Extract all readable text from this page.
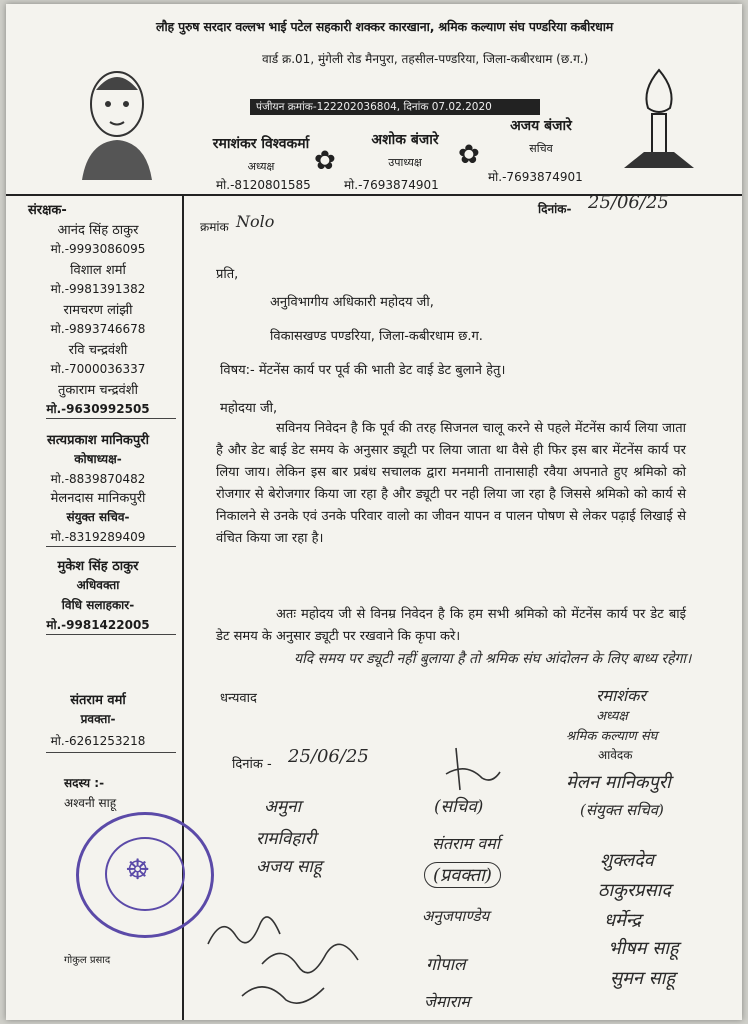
लौह पुरुष सरदार वल्लभ भाई पटेल सहकारी शक्कर कारखाना, श्रमिक कल्याण संघ पण्डरिया कबीरधाम
वार्ड क्र.01, मुंगेली रोड मैनपुरा, तहसील-पण्डरिया, जिला-कबीरधाम (छ.ग.)
पंजीयन क्रमांक-122202036804, दिनांक 07.02.2020
रमाशंकर विश्वकर्मा
अध्यक्ष
मो.-8120801585
✿
अशोक बंजारे
उपाध्यक्ष
मो.-7693874901
✿
अजय बंजारे
सचिव
मो.-7693874901
संरक्षक-
आनंद सिंह ठाकुर
मो.-9993086095
विशाल शर्मा
मो.-9981391382
रामचरण लांझी
मो.-9893746678
रवि चन्द्रवंशी
मो.-7000036337
तुकाराम चन्द्रवंशी
मो.-9630992505
सत्यप्रकाश मानिकपुरी
कोषाध्यक्ष-
मो.-8839870482
मेलनदास मानिकपुरी
संयुक्त सचिव-
मो.-8319289409
मुकेश सिंह ठाकुर
अधिवक्ता
विधि सलाहकार-
मो.-9981422005
संतराम वर्मा
प्रवक्ता-
मो.-6261253218
सदस्य :-
अश्वनी साहू
गोकुल प्रसाद
☸
क्रमांक Nolo
दिनांक- 25/06/25
प्रति,
अनुविभागीय अधिकारी महोदय जी,
विकासखण्ड पण्डरिया, जिला-कबीरधाम छ.ग.
विषय:- मेंटनेंस कार्य पर पूर्व की भाती डेट वाई डेट बुलाने हेतु।
महोदया जी,
सविनय निवेदन है कि पूर्व की तरह सिजनल चालू करने से पहले मेंटनेंस कार्य लिया जाता है और डेट बाई डेट समय के अनुसार ड्यूटी पर लिया जाता था वैसे ही फिर इस बार मेंटनेंस कार्य पर लिया जाय। लेकिन इस बार प्रबंध सचालक द्वारा मनमानी तानासाही रवैया अपनाते हुए श्रमिको को रोजगार से बेरोजगार किया जा रहा है और ड्यूटी पर नही लिया जा रहा है जिससे श्रमिको को कार्य से निकालने से उनके एवं उनके परिवार वालो का जीवन यापन व पालन पोषण से लेकर पढ़ाई लिखाई से वंचित किया जा रहा है।
अतः महोदय जी से विनम्र निवेदन है कि हम सभी श्रमिको को मेंटनेंस कार्य पर डेट बाई डेट समय के अनुसार ड्यूटी पर रखवाने कि कृपा करे।
यदि समय पर ड्यूटी नहीं बुलाया है तो श्रमिक संघ आंदोलन के लिए बाध्य रहेगा।
धन्यवाद
दिनांक - 25/06/25
रमाशंकर
अध्यक्ष
श्रमिक कल्याण संघ
आवेदक
मेलन मानिकपुरी
(संयुक्त सचिव)
(सचिव)
संतराम वर्मा
(प्रवक्ता)
अमुना
रामविहारी
अजय साहू
अनुजपाण्डेय
गोपाल
जेमाराम
शुक्लदेव
ठाकुरप्रसाद
धर्मेन्द्र
भीषम साहू
सुमन साहू
